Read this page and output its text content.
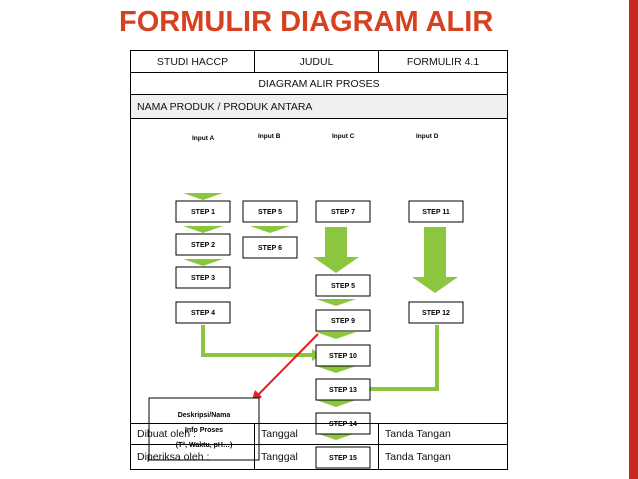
FORMULIR DIAGRAM ALIR
STUDI HACCP	JUDUL	FORMULIR 4.1
DIAGRAM ALIR PROSES
NAMA PRODUK / PRODUK ANTARA
Input A	Input B	Input C	Input D
STEP 1
STEP 2
STEP 3
STEP 4
STEP 5
STEP 6
STEP 7
STEP 5
STEP 9
STEP 10
STEP 13
STEP 14
STEP 15
STEP 11
STEP 12
Deskripsi/Nama
Info Proses
(T°, Waktu, pH…)
Dibuat oleh :	Tanggal	Tanda Tangan
Diperiksa oleh :	Tanggal	Tanda Tangan
